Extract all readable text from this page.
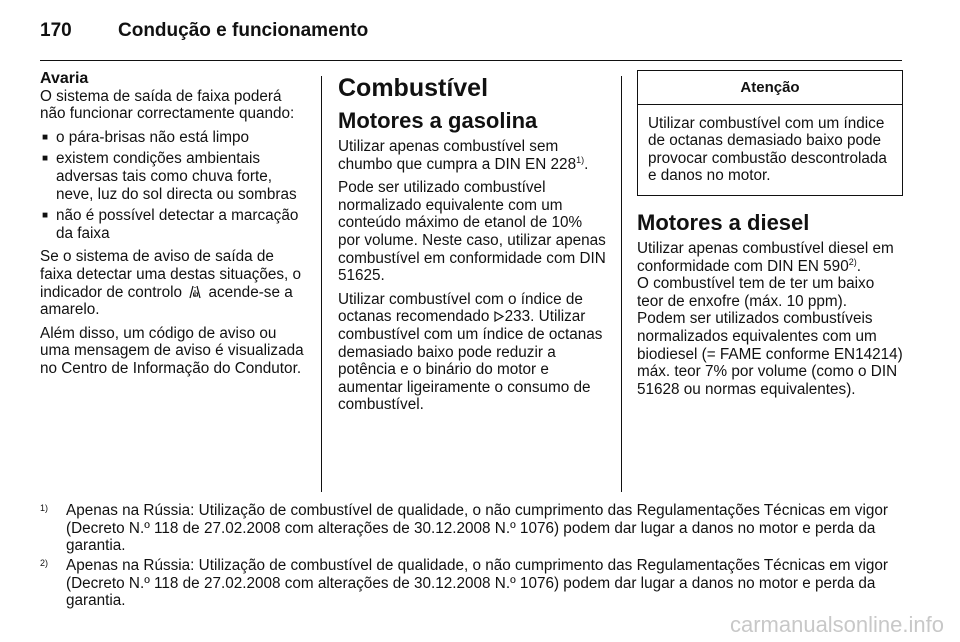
170 Condução e funcionamento
Avaria

O sistema de saída de faixa poderá não funcionar correctamente quando:

■ o pára-brisas não está limpo
■ existem condições ambientais adversas tais como chuva forte, neve, luz do sol directa ou sombras
■ não é possível detectar a marcação da faixa

Se o sistema de aviso de saída de faixa detectar uma destas situações, o indicador de controlo acende-se a amarelo.

Além disso, um código de aviso ou uma mensagem de aviso é visualizada no Centro de Informação do Condutor.

Combustível
Motores a gasolina

Utilizar apenas combustível sem chumbo que cumpra a DIN EN 228$^{1)}$.

Pode ser utilizado combustível normalizado equivalente com um conteúdo máximo de etanol de 10% por volume. Neste caso, utilizar apenas combustível em conformidade com DIN 51625.

Utilizar combustível com o índice de octanas recomendado 233. Utilizar combustível com um índice de octanas demasiado baixo pode reduzir a potência e o binário do motor e aumentar ligeiramente o consumo de combustível.

Atenção
Utilizar combustível com um índice de octanas demasiado baixo pode provocar combustão descontrolada e danos no motor.
Motores a diesel

Utilizar apenas combustível diesel em conformidade com DIN EN 590$^{2)}$.

O combustível tem de ter um baixo teor de enxofre (máx. 10 ppm).

Podem ser utilizados combustíveis normalizados equivalentes com um biodiesel (= FAME conforme EN14214) máx. teor 7% por volume (como o DIN 51628 ou normas equivalentes).

1) Apenas na Rússia: Utilização de combustível de qualidade, o não cumprimento das Regulamentações Técnicas em vigor (Decreto N.º 118 de 27.02.2008 com alterações de 30.12.2008 N.º 1076) podem dar lugar a danos no motor e perda da garantia.
2) Apenas na Rússia: Utilização de combustível de qualidade, o não cumprimento das Regulamentações Técnicas em vigor (Decreto N.º 118 de 27.02.2008 com alterações de 30.12.2008 N.º 1076) podem dar lugar a danos no motor e perda da garantia.
carmanualsonline.info
